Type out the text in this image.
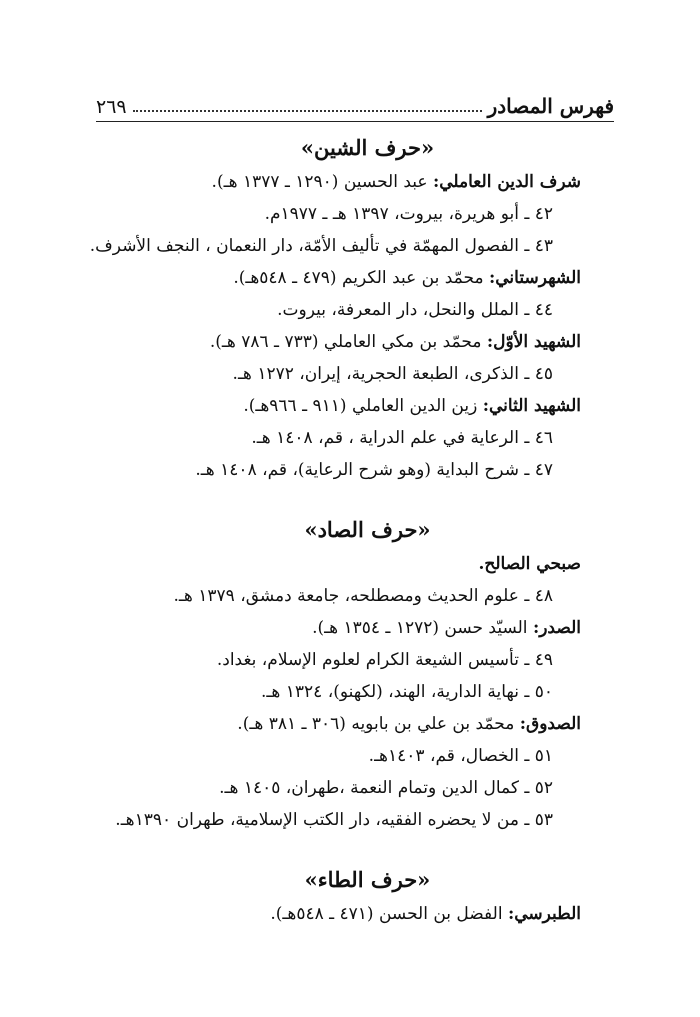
فهرس المصادر
٢٦٩
«حرف الشين»
شرف الدين العاملي: عبد الحسين (١٢٩٠ ـ ١٣٧٧ هـ).
٤٢ ـ أبو هريرة، بيروت، ١٣٩٧ هـ ـ ١٩٧٧م.
٤٣ ـ الفصول المهمّة في تأليف الأمّة، دار النعمان ، النجف الأشرف.
الشهرستاني: محمّد بن عبد الكريم (٤٧٩ ـ ٥٤٨هـ).
٤٤ ـ الملل والنحل، دار المعرفة، بيروت.
الشهيد الأوّل: محمّد بن مكي العاملي (٧٣٣ ـ ٧٨٦ هـ).
٤٥ ـ الذكرى، الطبعة الحجرية، إيران، ١٢٧٢ هـ.
الشهيد الثاني: زين الدين العاملي (٩١١ ـ ٩٦٦هـ).
٤٦ ـ الرعاية في علم الدراية ، قم، ١٤٠٨ هـ.
٤٧ ـ شرح البداية (وهو شرح الرعاية)، قم، ١٤٠٨ هـ.
«حرف الصاد»
صبحي الصالح.
٤٨ ـ علوم الحديث ومصطلحه، جامعة دمشق، ١٣٧٩ هـ.
الصدر: السيّد حسن (١٢٧٢ ـ ١٣٥٤ هـ).
٤٩ ـ تأسيس الشيعة الكرام لعلوم الإسلام، بغداد.
٥٠ ـ نهاية الدارية، الهند، (لكهنو)، ١٣٢٤ هـ.
الصدوق: محمّد بن علي بن بابويه (٣٠٦ ـ ٣٨١ هـ).
٥١ ـ الخصال، قم، ١٤٠٣هـ.
٥٢ ـ كمال الدين وتمام النعمة ،طهران، ١٤٠٥ هـ.
٥٣ ـ من لا يحضره الفقيه، دار الكتب الإسلامية، طهران ١٣٩٠هـ.
«حرف الطاء»
الطبرسي: الفضل بن الحسن (٤٧١ ـ ٥٤٨هـ).
